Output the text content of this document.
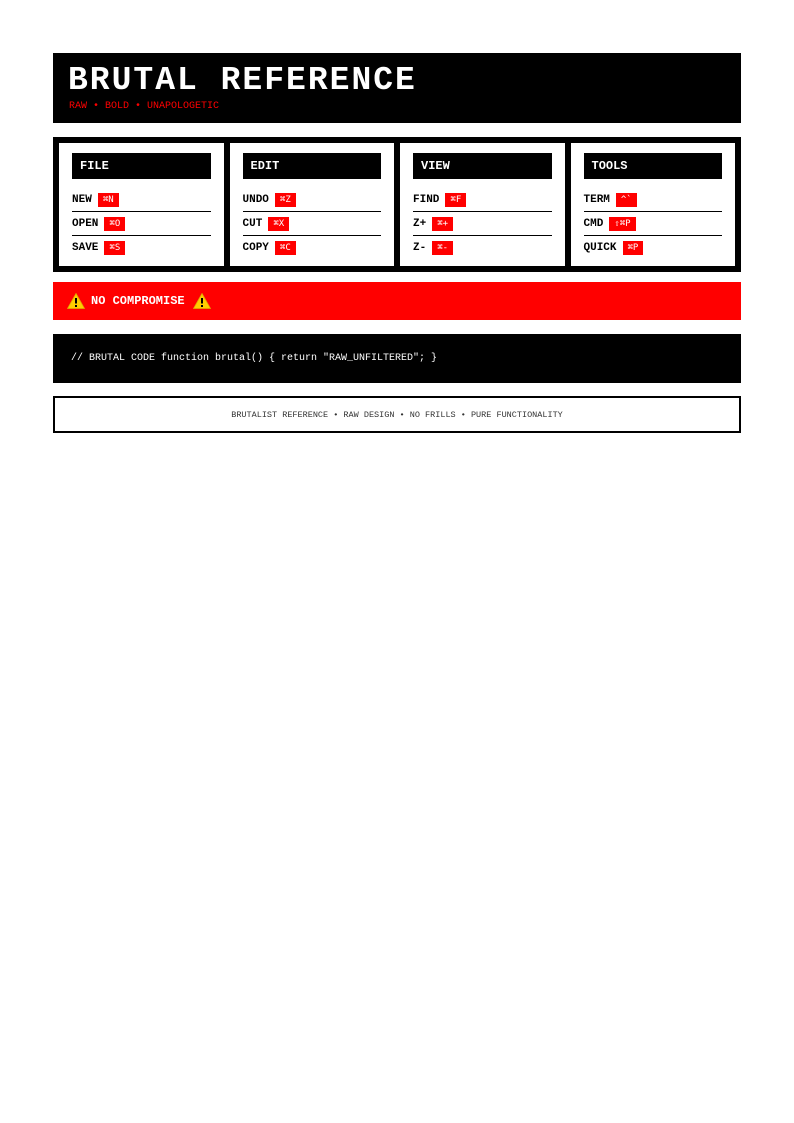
BRUTAL REFERENCE
RAW • BOLD • UNAPOLOGETIC
FILE
NEW	⌘N
OPEN	⌘O
SAVE	⌘S
EDIT
UNDO	⌘Z
CUT	⌘X
COPY	⌘C
VIEW
FIND	⌘F
Z+	⌘+
Z-	⌘-
TOOLS
TERM	^`
CMD	⇧⌘P
QUICK	⌘P
NO COMPROMISE
// BRUTAL CODE function brutal() { return "RAW_UNFILTERED"; }
BRUTALIST REFERENCE • RAW DESIGN • NO FRILLS • PURE FUNCTIONALITY
